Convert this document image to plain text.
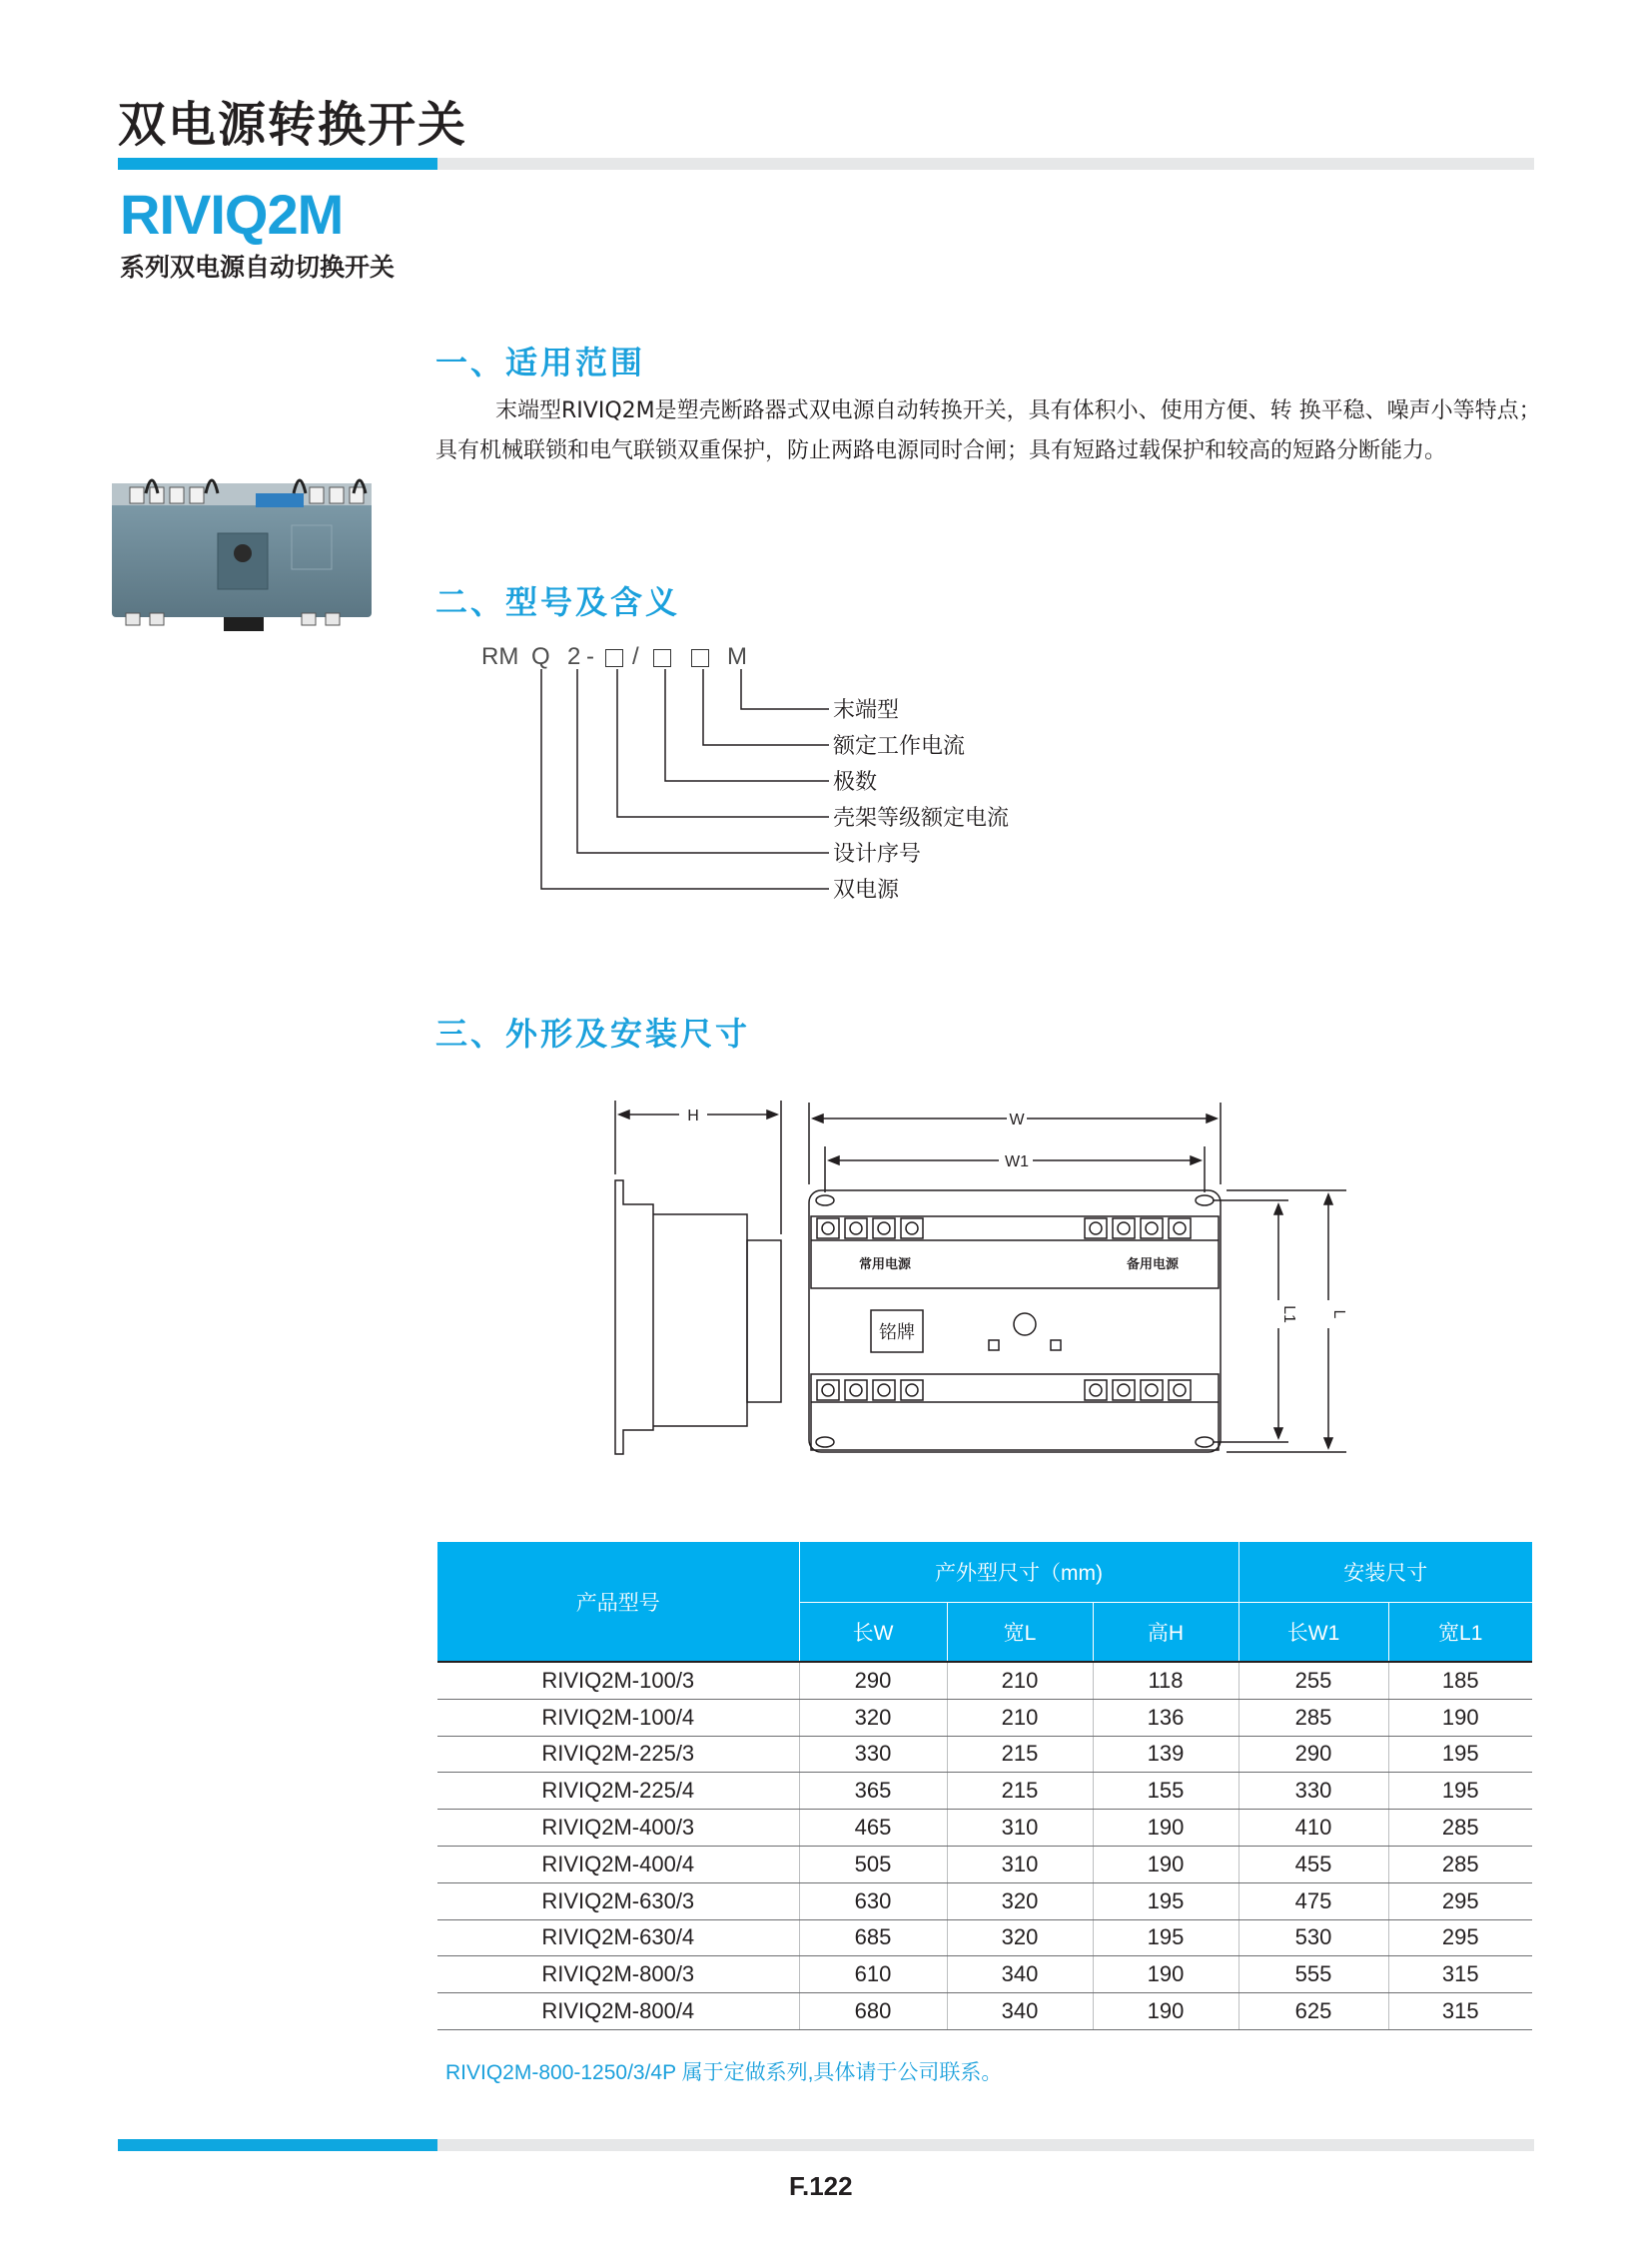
双电源转换开关
RIVIQ2M

系列双电源自动切换开关

一、适用范围

末端型RIVIQ2M是塑壳断路器式双电源自动转换开关，具有体积小、使用方便、转 换平稳、噪声小等特点；具有机械联锁和电气联锁双重保护，防止两路电源同时合闸；具有短路过载保护和较高的短路分断能力。

二、型号及含义
RM Q 2 - /	M
末端型
额定工作电流
极数
壳架等级额定电流
设计序号
双电源
三、外形及安装尺寸
H	W
W1
L1 L
常用电源	备用电源
铭牌
产品型号	产外型尺寸（mm)			安装尺寸	
	长W	宽L	高H	长W1	宽L1
RIVIQ2M-100/3	290	210	118	255	185
RIVIQ2M-100/4	320	210	136	285	190
RIVIQ2M-225/3	330	215	139	290	195
RIVIQ2M-225/4	365	215	155	330	195
RIVIQ2M-400/3	465	310	190	410	285
RIVIQ2M-400/4	505	310	190	455	285
RIVIQ2M-630/3	630	320	195	475	295
RIVIQ2M-630/4	685	320	195	530	295
RIVIQ2M-800/3	610	340	190	555	315
RIVIQ2M-800/4	680	340	190	625	315

RIVIQ2M-800-1250/3/4P 属于定做系列,具体请于公司联系。

F.122
